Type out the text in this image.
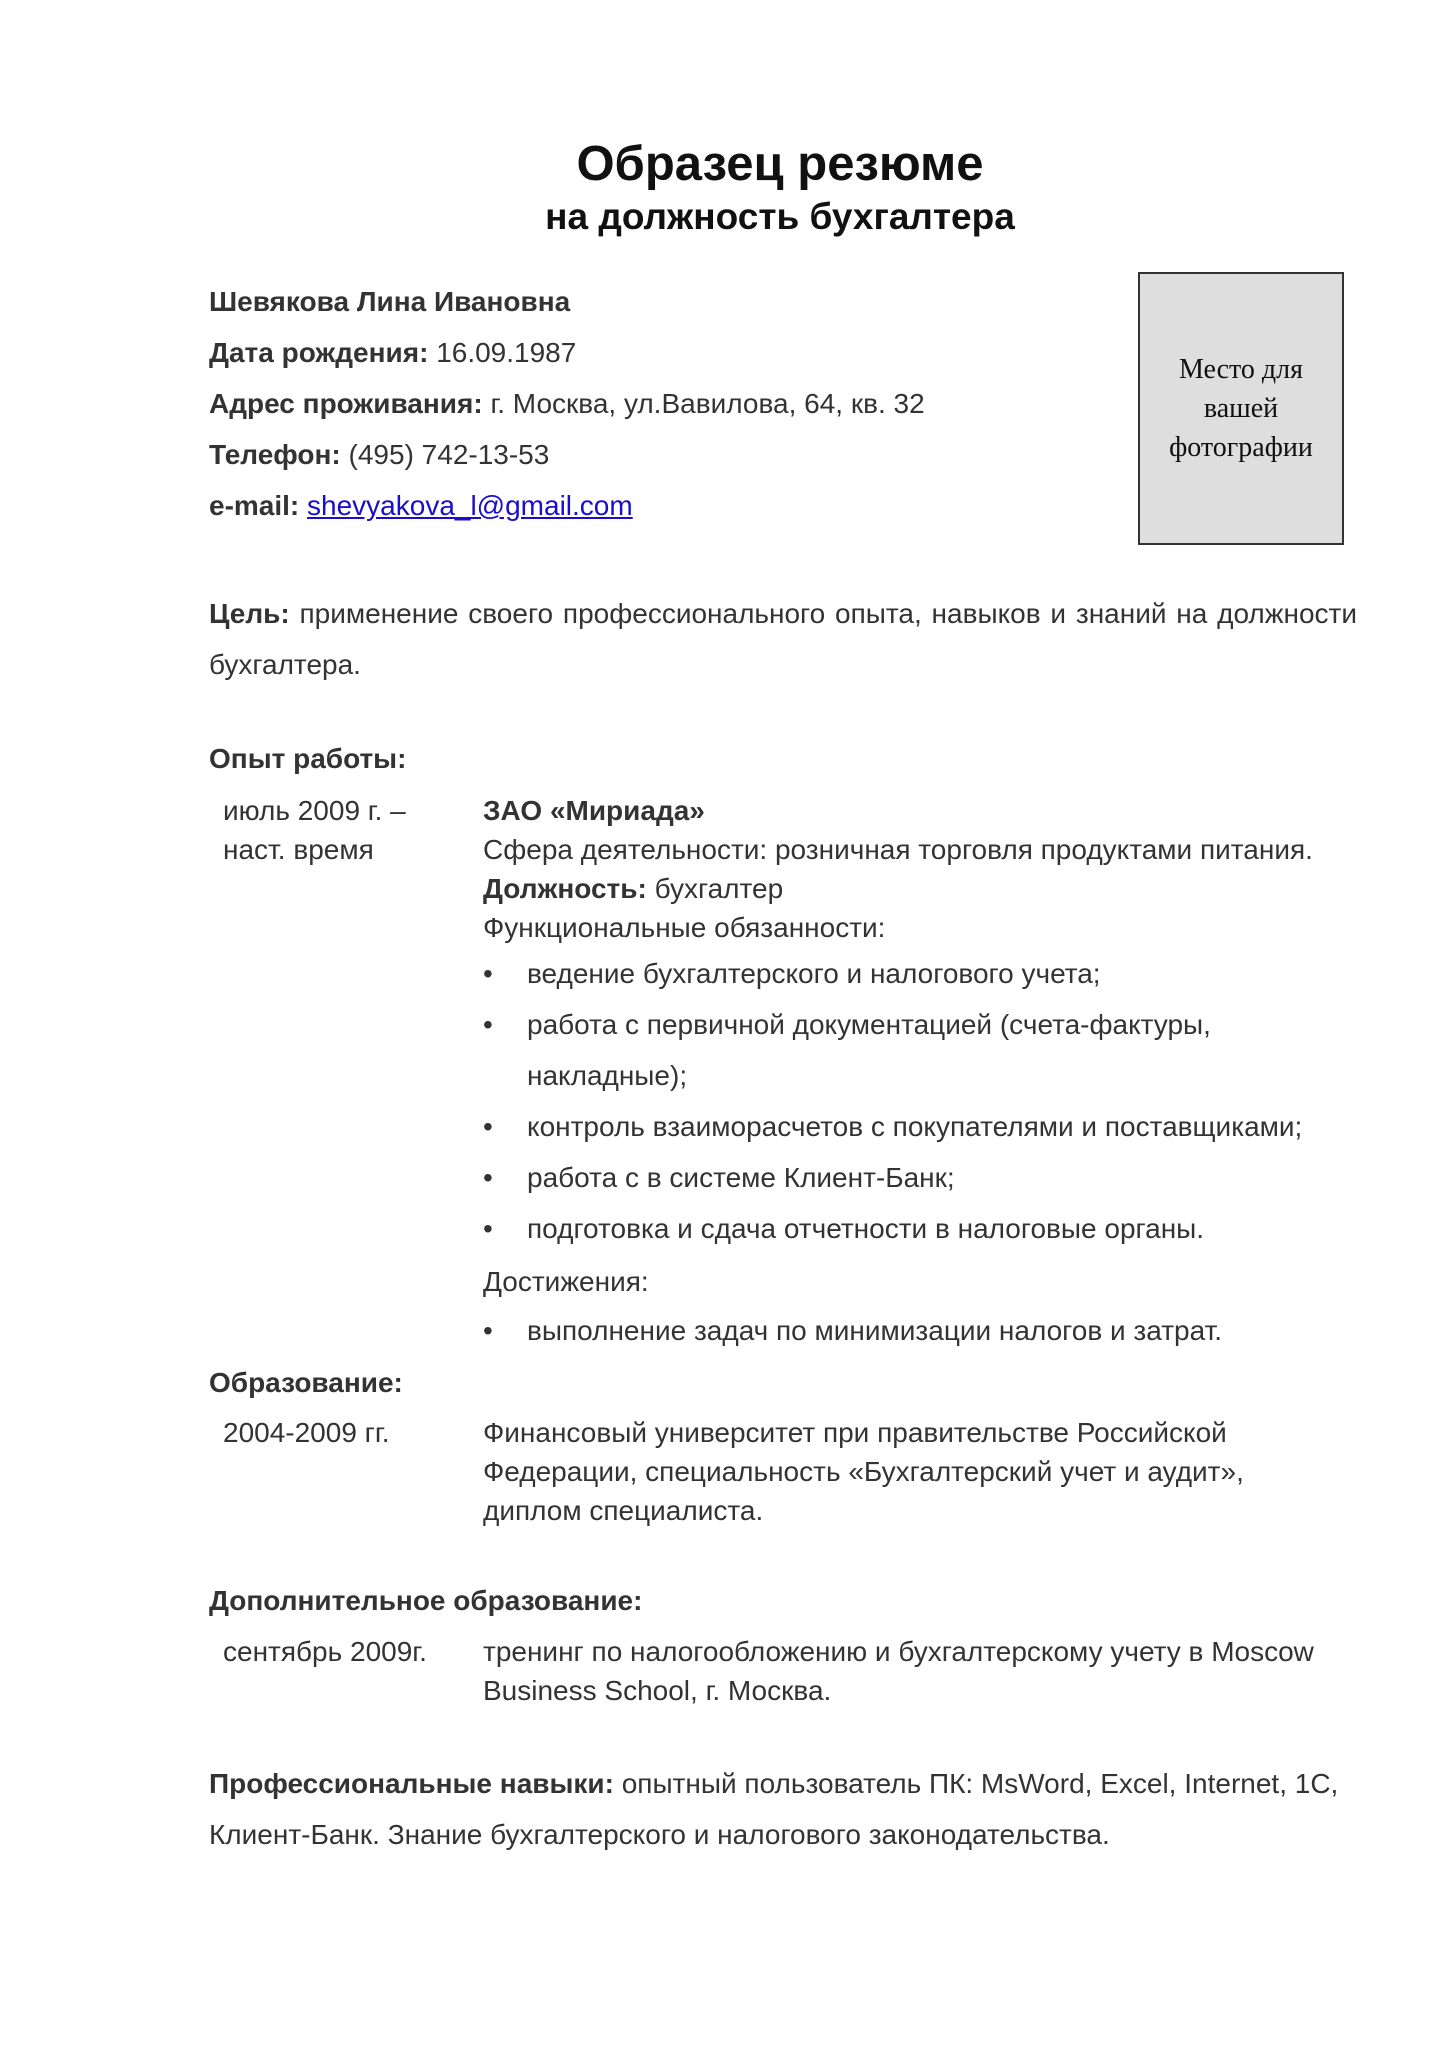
Образец резюме
на должность бухгалтера
Шевякова Лина Ивановна
Дата рождения: 16.09.1987
Адрес проживания: г. Москва, ул.Вавилова, 64, кв. 32
Телефон: (495) 742-13-53
e-mail: shevyakova_l@gmail.com
Место для вашей фотографии
Цель: применение своего профессионального опыта, навыков и знаний на должности бухгалтера.
Опыт работы:
июль 2009 г. –
наст. время
ЗАО «Мириада»
Сфера деятельности: розничная торговля продуктами питания.
Должность: бухгалтер
Функциональные обязанности:
• ведение бухгалтерского и налогового учета;
• работа с первичной документацией (счета-фактуры,
накладные);
• контроль взаиморасчетов с покупателями и поставщиками;
• работа с в системе Клиент-Банк;
• подготовка и сдача отчетности в налоговые органы.
Достижения:
• выполнение задач по минимизации налогов и затрат.
Образование:
2004-2009 гг.	Финансовый университет при правительстве Российской
Федерации, специальность «Бухгалтерский учет и аудит»,
диплом специалиста.
Дополнительное образование:
сентябрь 2009г. тренинг по налогообложению и бухгалтерскому учету в Moscow
Business School, г. Москва.
Профессиональные навыки: опытный пользователь ПК: MsWord, Excel, Internet, 1С, Клиент-Банк. Знание бухгалтерского и налогового законодательства.
